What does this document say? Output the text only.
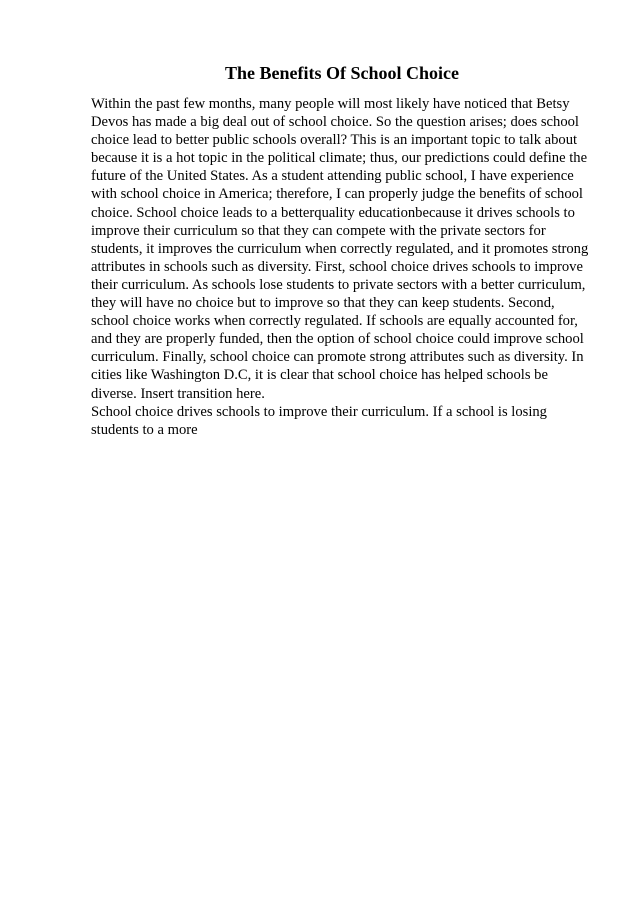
The Benefits Of School Choice
Within the past few months, many people will most likely have noticed that Betsy
Devos has made a big deal out of school choice. So the question arises; does school
choice lead to better public schools overall? This is an important topic to talk about
because it is a hot topic in the political climate; thus, our predictions could define the
future of the United States. As a student attending public school, I have experience
with school choice in America; therefore, I can properly judge the benefits of school
choice. School choice leads to a betterquality educationbecause it drives schools to
improve their curriculum so that they can compete with the private sectors for
students, it improves the curriculum when correctly regulated, and it promotes strong
attributes in schools such as diversity. First, school choice drives schools to improve
their curriculum. As schools lose students to private sectors with a better curriculum,
they will have no choice but to improve so that they can keep students. Second,
school choice works when correctly regulated. If schools are equally accounted for,
and they are properly funded, then the option of school choice could improve school
curriculum. Finally, school choice can promote strong attributes such as diversity. In
cities like Washington D.C, it is clear that school choice has helped schools be
diverse. Insert transition here.
School choice drives schools to improve their curriculum. If a school is losing
students to a more
